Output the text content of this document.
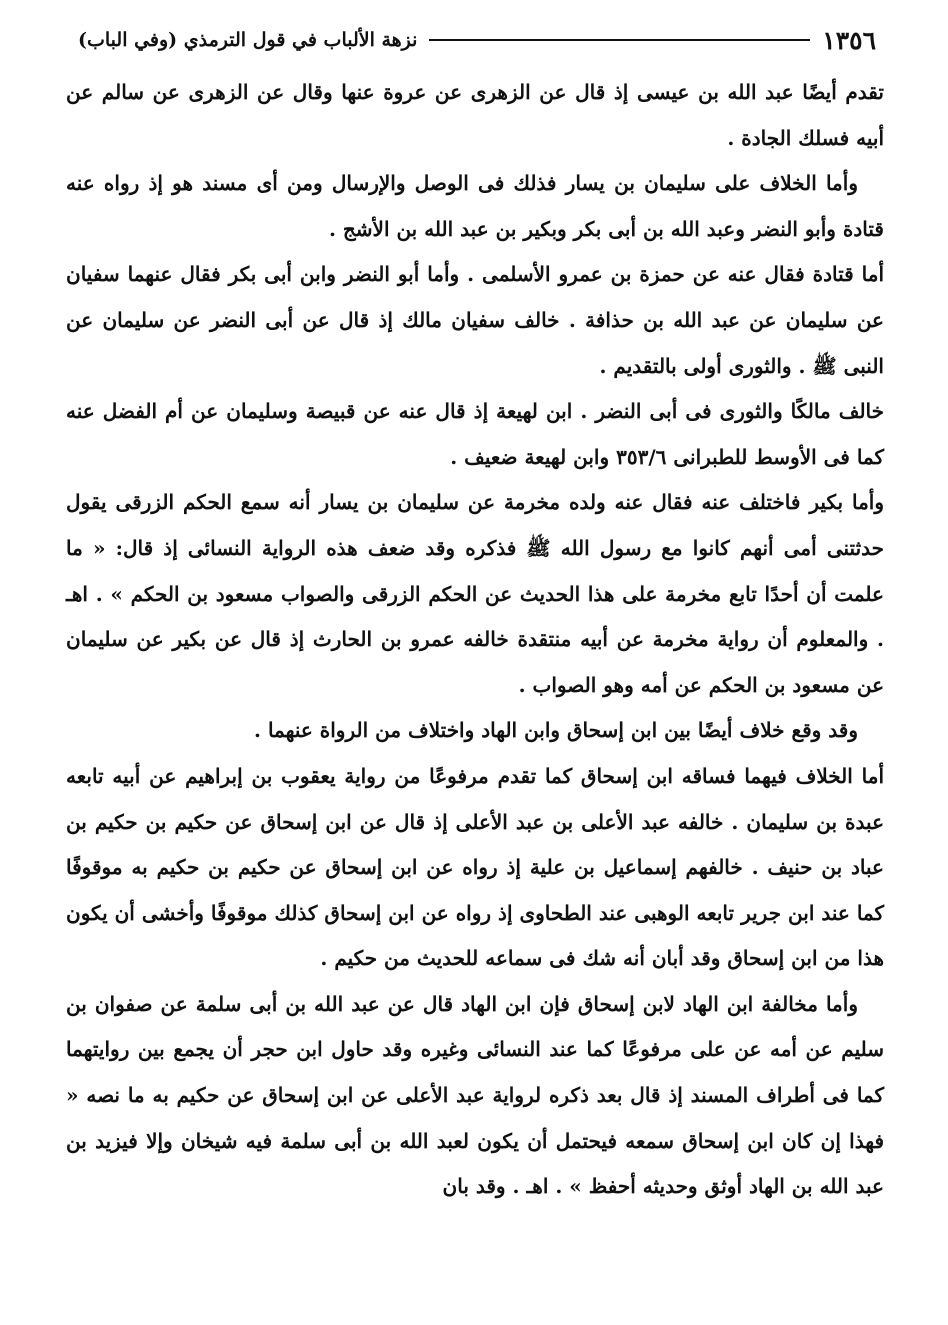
١٣٥٦
نزهة الألباب في قول الترمذي (وفي الباب)

تقدم أيضًا عبد الله بن عيسى إذ قال عن الزهرى عن عروة عنها وقال عن الزهرى عن سالم عن أبيه فسلك الجادة .

وأما الخلاف على سليمان بن يسار فذلك فى الوصل والإرسال ومن أى مسند هو إذ رواه عنه قتادة وأبو النضر وعبد الله بن أبى بكر وبكير بن عبد الله بن الأشج .

أما قتادة فقال عنه عن حمزة بن عمرو الأسلمى . وأما أبو النضر وابن أبى بكر فقال عنهما سفيان عن سليمان عن عبد الله بن حذافة . خالف سفيان مالك إذ قال عن أبى النضر عن سليمان عن النبى ﷺ . والثورى أولى بالتقديم .

خالف مالكًا والثورى فى أبى النضر . ابن لهيعة إذ قال عنه عن قبيصة وسليمان عن أم الفضل عنه كما فى الأوسط للطبرانى ٣٥٣/٦ وابن لهيعة ضعيف .

وأما بكير فاختلف عنه فقال عنه ولده مخرمة عن سليمان بن يسار أنه سمع الحكم الزرقى يقول حدثتنى أمى أنهم كانوا مع رسول الله ﷺ فذكره وقد ضعف هذه الرواية النسائى إذ قال: « ما علمت أن أحدًا تابع مخرمة على هذا الحديث عن الحكم الزرقى والصواب مسعود بن الحكم » . اهـ . والمعلوم أن رواية مخرمة عن أبيه منتقدة خالفه عمرو بن الحارث إذ قال عن بكير عن سليمان عن مسعود بن الحكم عن أمه وهو الصواب .

وقد وقع خلاف أيضًا بين ابن إسحاق وابن الهاد واختلاف من الرواة عنهما .

أما الخلاف فيهما فساقه ابن إسحاق كما تقدم مرفوعًا من رواية يعقوب بن إبراهيم عن أبيه تابعه عبدة بن سليمان . خالفه عبد الأعلى بن عبد الأعلى إذ قال عن ابن إسحاق عن حكيم بن حكيم بن عباد بن حنيف . خالفهم إسماعيل بن علية إذ رواه عن ابن إسحاق عن حكيم بن حكيم به موقوفًا كما عند ابن جرير تابعه الوهبى عند الطحاوى إذ رواه عن ابن إسحاق كذلك موقوفًا وأخشى أن يكون هذا من ابن إسحاق وقد أبان أنه شك فى سماعه للحديث من حكيم .

وأما مخالفة ابن الهاد لابن إسحاق فإن ابن الهاد قال عن عبد الله بن أبى سلمة عن صفوان بن سليم عن أمه عن على مرفوعًا كما عند النسائى وغيره وقد حاول ابن حجر أن يجمع بين روايتهما كما فى أطراف المسند إذ قال بعد ذكره لرواية عبد الأعلى عن ابن إسحاق عن حكيم به ما نصه « فهذا إن كان ابن إسحاق سمعه فيحتمل أن يكون لعبد الله بن أبى سلمة فيه شيخان وإلا فيزيد بن عبد الله بن الهاد أوثق وحديثه أحفظ » . اهـ . وقد بان
